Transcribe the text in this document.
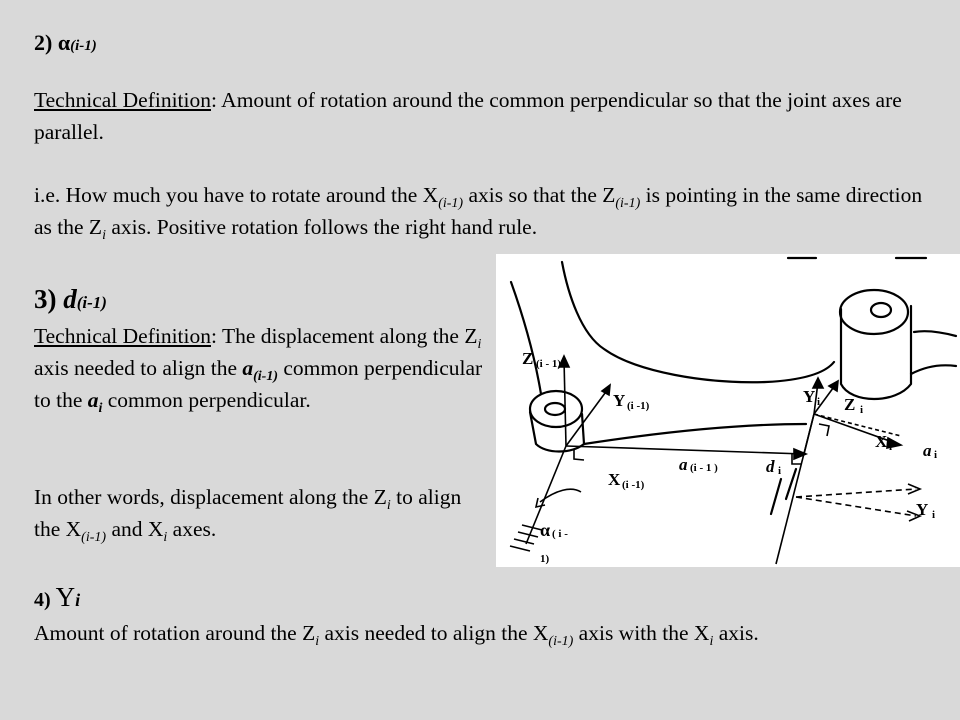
2) α(i-1)
Technical Definition: Amount of rotation around the common perpendicular so that the joint axes are parallel.
i.e. How much you have to rotate around the $X_{(i-1)}$ axis so that the $Z_{(i-1)}$ is pointing in the same direction as the $Z_i$ axis. Positive rotation follows the right hand rule.
3) d(i-1)
Technical Definition: The displacement along the $Z_i$ axis needed to align the $a_{(i-1)}$ common perpendicular to the $a_i$ common perpendicular.
In other words, displacement along the $Z_i$ to align the $X_{(i-1)}$ and $X_i$ axes.
4) Yi
Amount of rotation around the $Z_i$ axis needed to align the $X_{(i-1)}$ axis with the $X_i$ axis.
Z (i - 1)
Y (i -1)
X (i -1)
a (i - 1 )
α ( i -
1)
Y i Z i
X i a i
d i
Y i
